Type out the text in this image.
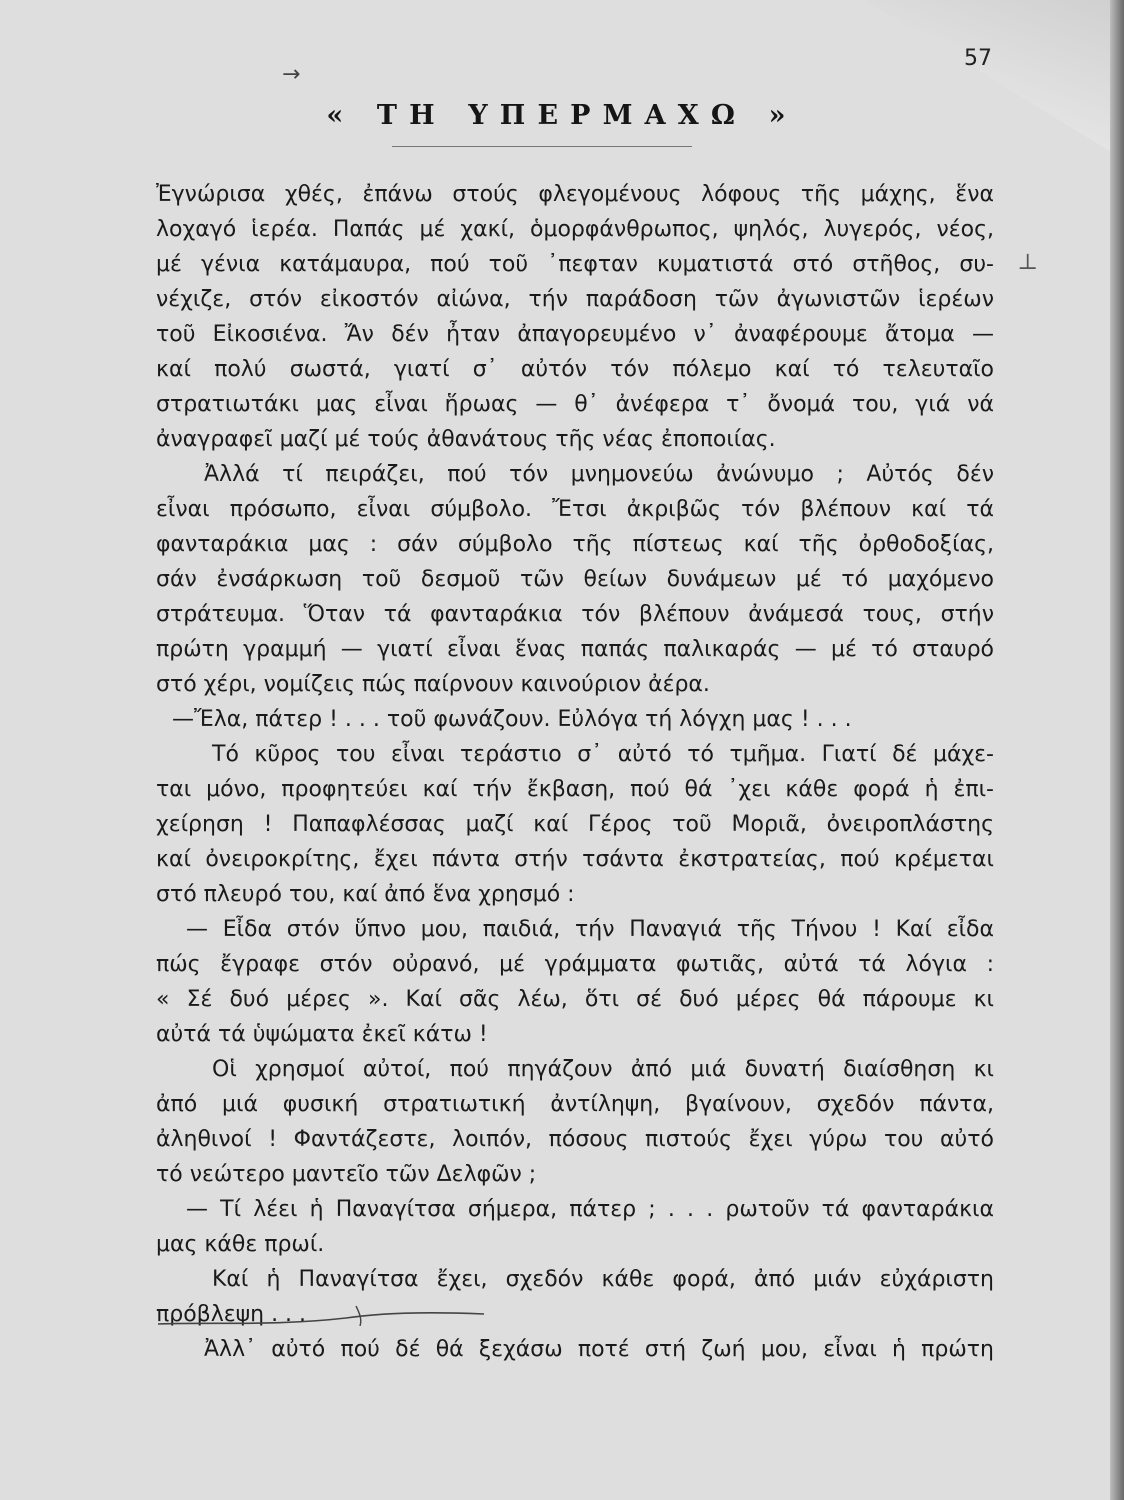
→
57
⊥
« ΤΗ ΥΠΕΡΜΑΧΩ »
Ἐγνώρισα χθές, ἐπάνω στούς φλεγομένους λόφους τῆς μάχης, ἕνα
λοχαγό ἱερέα. Παπάς μέ χακί, ὁμορφάνθρωπος, ψηλός, λυγερός, νέος,
μέ γένια κατάμαυρα, πού τοῦ ᾽πεφταν κυματιστά στό στῆθος, συ-
νέχιζε, στόν εἰκοστόν αἰώνα, τήν παράδοση τῶν ἀγωνιστῶν ἱερέων
τοῦ Εἰκοσιένα. Ἄν δέν ἦταν ἀπαγορευμένο ν᾽ ἀναφέρουμε ἄτομα —
καί πολύ σωστά, γιατί σ᾽ αὐτόν τόν πόλεμο καί τό τελευταῖο
στρατιωτάκι μας εἶναι ἥρωας — θ᾽ ἀνέφερα τ᾽ ὄνομά του, γιά νά
ἀναγραφεῖ μαζί μέ τούς ἀθανάτους τῆς νέας ἐποποιίας.
Ἀλλά τί πειράζει, πού τόν μνημονεύω ἀνώνυμο ; Αὐτός δέν
εἶναι πρόσωπο, εἶναι σύμβολο. Ἔτσι ἀκριβῶς τόν βλέπουν καί τά
φανταράκια μας : σάν σύμβολο τῆς πίστεως καί τῆς ὀρθοδοξίας,
σάν ἐνσάρκωση τοῦ δεσμοῦ τῶν θείων δυνάμεων μέ τό μαχόμενο
στράτευμα. Ὅταν τά φανταράκια τόν βλέπουν ἀνάμεσά τους, στήν
πρώτη γραμμή — γιατί εἶναι ἕνας παπάς παλικαράς — μέ τό σταυρό
στό χέρι, νομίζεις πώς παίρνουν καινούριον ἀέρα.
—Ἔλα, πάτερ ! . . . τοῦ φωνάζουν. Εὐλόγα τή λόγχη μας ! . . .
Τό κῦρος του εἶναι τεράστιο σ᾽ αὐτό τό τμῆμα. Γιατί δέ μάχε-
ται μόνο, προφητεύει καί τήν ἔκβαση, πού θά ᾽χει κάθε φορά ἡ ἐπι-
χείρηση ! Παπαφλέσσας μαζί καί Γέρος τοῦ Μοριᾶ, ὀνειροπλάστης
καί ὀνειροκρίτης, ἔχει πάντα στήν τσάντα ἐκστρατείας, πού κρέμεται
στό πλευρό του, καί ἀπό ἕνα χρησμό :
— Εἶδα στόν ὕπνο μου, παιδιά, τήν Παναγιά τῆς Τήνου ! Καί εἶδα
πώς ἔγραφε στόν οὐρανό, μέ γράμματα φωτιᾶς, αὐτά τά λόγια :
« Σέ δυό μέρες ». Καί σᾶς λέω, ὅτι σέ δυό μέρες θά πάρουμε κι
αὐτά τά ὑψώματα ἐκεῖ κάτω !
Οἱ χρησμοί αὐτοί, πού πηγάζουν ἀπό μιά δυνατή διαίσθηση κι
ἀπό μιά φυσική στρατιωτική ἀντίληψη, βγαίνουν, σχεδόν πάντα,
ἀληθινοί ! Φαντάζεστε, λοιπόν, πόσους πιστούς ἔχει γύρω του αὐτό
τό νεώτερο μαντεῖο τῶν Δελφῶν ;
— Τί λέει ἡ Παναγίτσα σήμερα, πάτερ ; . . . ρωτοῦν τά φανταράκια
μας κάθε πρωί.
Καί ἡ Παναγίτσα ἔχει, σχεδόν κάθε φορά, ἀπό μιάν εὐχάριστη
πρόβλεψη . . .
Ἀλλ᾽ αὐτό πού δέ θά ξεχάσω ποτέ στή ζωή μου, εἶναι ἡ πρώτη
